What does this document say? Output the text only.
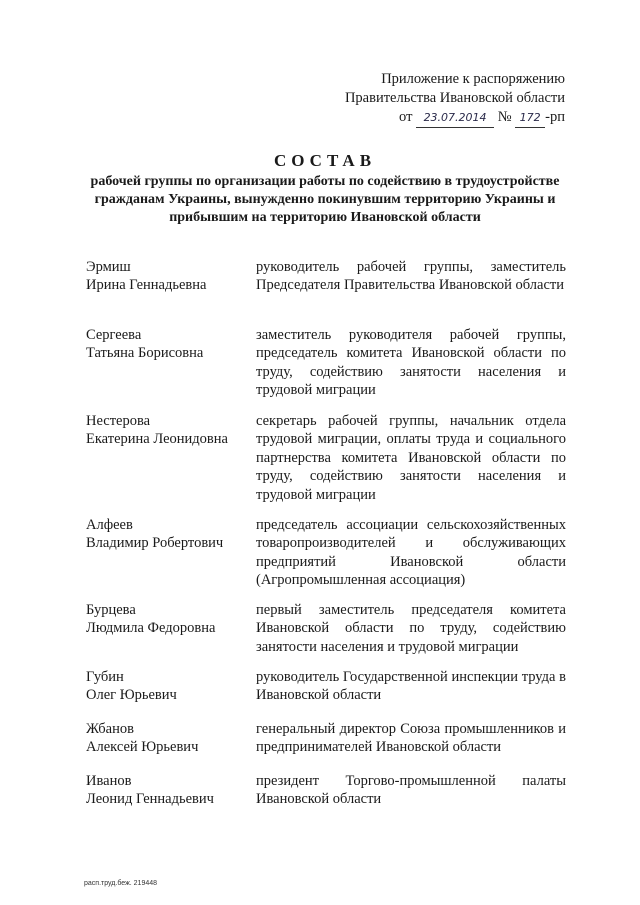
Приложение к распоряжению
Правительства Ивановской области
от 23.07.2014 № 172 -рп
СОСТАВ
рабочей группы по организации работы по содействию в трудоустройстве гражданам Украины, вынужденно покинувшим территорию Украины и прибывшим на территорию Ивановской области
Эрмиш
Ирина Геннадьевна
руководитель рабочей группы, заместитель Председателя Правительства Ивановской области
Сергеева
Татьяна Борисовна
заместитель руководителя рабочей группы, председатель комитета Ивановской области по труду, содействию занятости населения и трудовой миграции
Нестерова
Екатерина Леонидовна
секретарь рабочей группы, начальник отдела трудовой миграции, оплаты труда и социального партнерства комитета Ивановской области по труду, содействию занятости населения и трудовой миграции
Алфеев
Владимир Робертович
председатель ассоциации сельскохозяйственных товаропроизводителей и обслуживающих предприятий Ивановской области (Агропромышленная ассоциация)
Бурцева
Людмила Федоровна
первый заместитель председателя комитета Ивановской области по труду, содействию занятости населения и трудовой миграции
Губин
Олег Юрьевич
руководитель Государственной инспекции труда в Ивановской области
Жбанов
Алексей Юрьевич
генеральный директор Союза промышленников и предпринимателей Ивановской области
Иванов
Леонид Геннадьевич
президент Торгово-промышленной палаты Ивановской области
расп.труд.беж. 219448
